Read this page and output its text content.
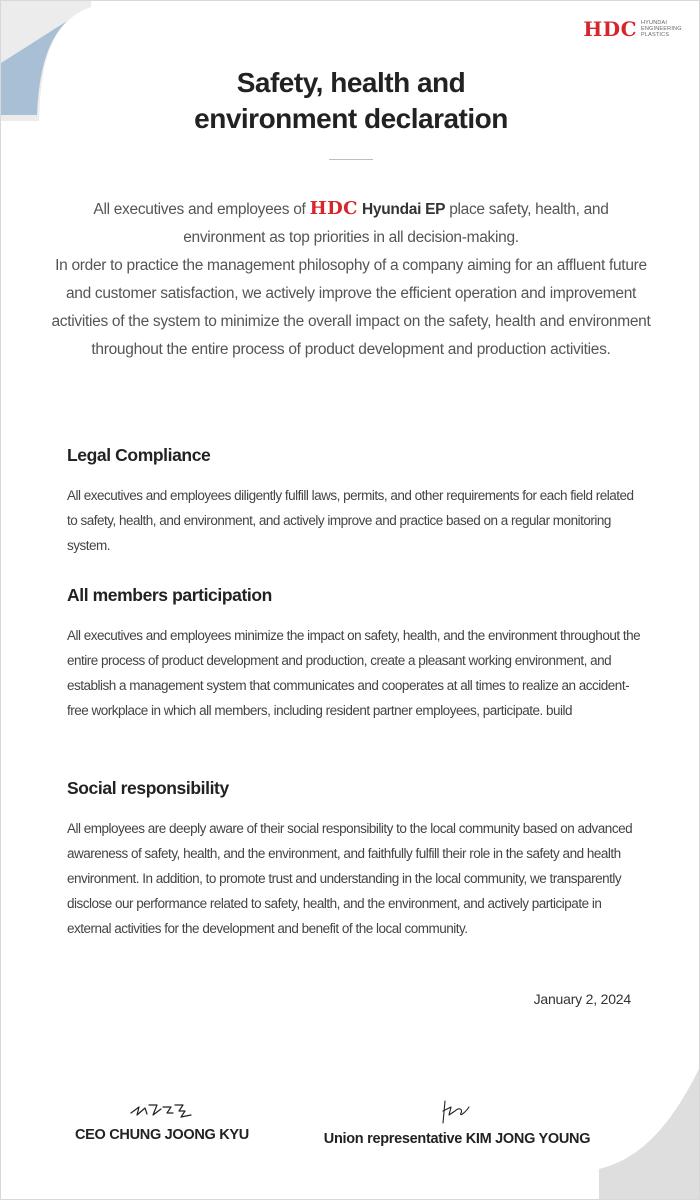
HDC HYUNDAI ENGINEERING PLASTICS
Safety, health and
environment declaration
All executives and employees of HDC Hyundai EP place safety, health, and environment as top priorities in all decision-making.
In order to practice the management philosophy of a company aiming for an affluent future and customer satisfaction, we actively improve the efficient operation and improvement activities of the system to minimize the overall impact on the safety, health and environment throughout the entire process of product development and production activities.
Legal Compliance

All executives and employees diligently fulfill laws, permits, and other requirements for each field related to safety, health, and environment, and actively improve and practice based on a regular monitoring system.

All members participation

All executives and employees minimize the impact on safety, health, and the environment throughout the entire process of product development and production, create a pleasant working environment, and establish a management system that communicates and cooperates at all times to realize an accident-free workplace in which all members, including resident partner employees, participate. build

Social responsibility

All employees are deeply aware of their social responsibility to the local community based on advanced awareness of safety, health, and the environment, and faithfully fulfill their role in the safety and health environment. In addition, to promote trust and understanding in the local community, we transparently disclose our performance related to safety, health, and the environment, and actively participate in external activities for the development and benefit of the local community.

January 2, 2024
CEO CHUNG JOONG KYU	Union representative KIM JONG YOUNG
